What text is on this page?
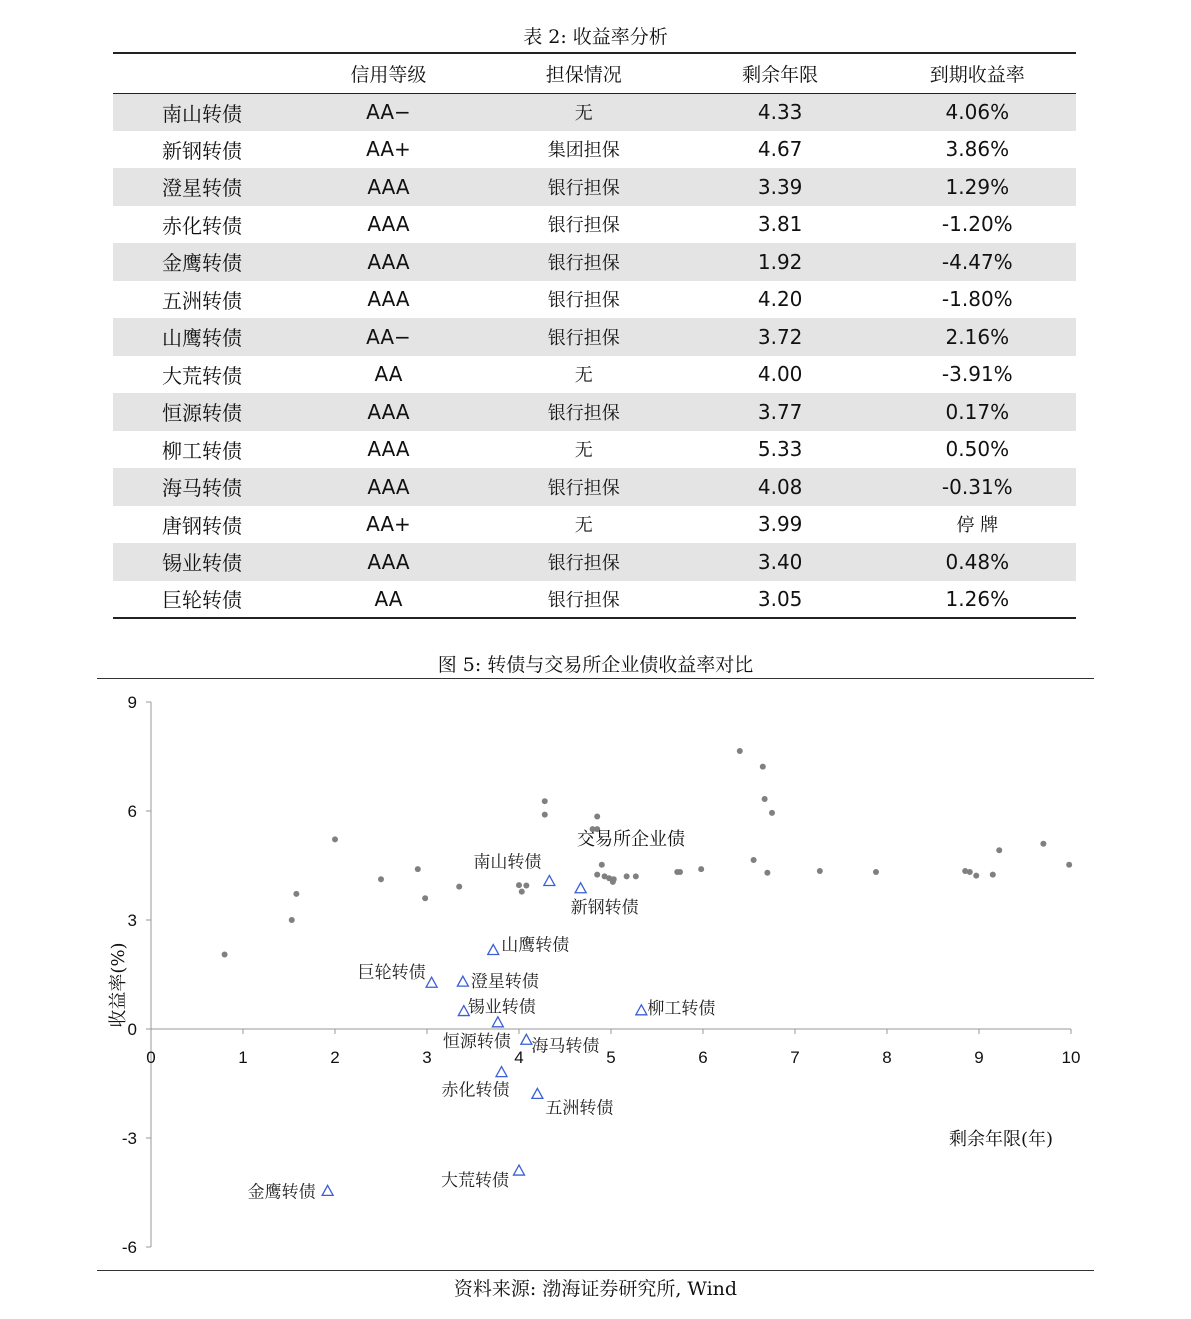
表 2: 收益率分析
	信用等级	担保情况	剩余年限	到期收益率
南山转债	AA−	无	4.33	4.06%
新钢转债	AA+	集团担保	4.67	3.86%
澄星转债	AAA	银行担保	3.39	1.29%
赤化转债	AAA	银行担保	3.81	-1.20%
金鹰转债	AAA	银行担保	1.92	-4.47%
五洲转债	AAA	银行担保	4.20	-1.80%
山鹰转债	AA−	银行担保	3.72	2.16%
大荒转债	AA	无	4.00	-3.91%
恒源转债	AAA	银行担保	3.77	0.17%
柳工转债	AAA	无	5.33	0.50%
海马转债	AAA	银行担保	4.08	-0.31%
唐钢转债	AA+	无	3.99	停 牌
锡业转债	AAA	银行担保	3.40	0.48%
巨轮转债	AA	银行担保	3.05	1.26%
图 5: 转债与交易所企业债收益率对比
-6
-3
0
3
6
9
0	1	2	3	4	5	6	7	8	9	10
南山转债
新钢转债
澄星转债
赤化转债
金鹰转债
五洲转债
山鹰转债
大荒转债
恒源转债
柳工转债
海马转债
锡业转债
巨轮转债
交易所企业债
剩余年限(年)
收益率(%)
资料来源: 渤海证券研究所, Wind
